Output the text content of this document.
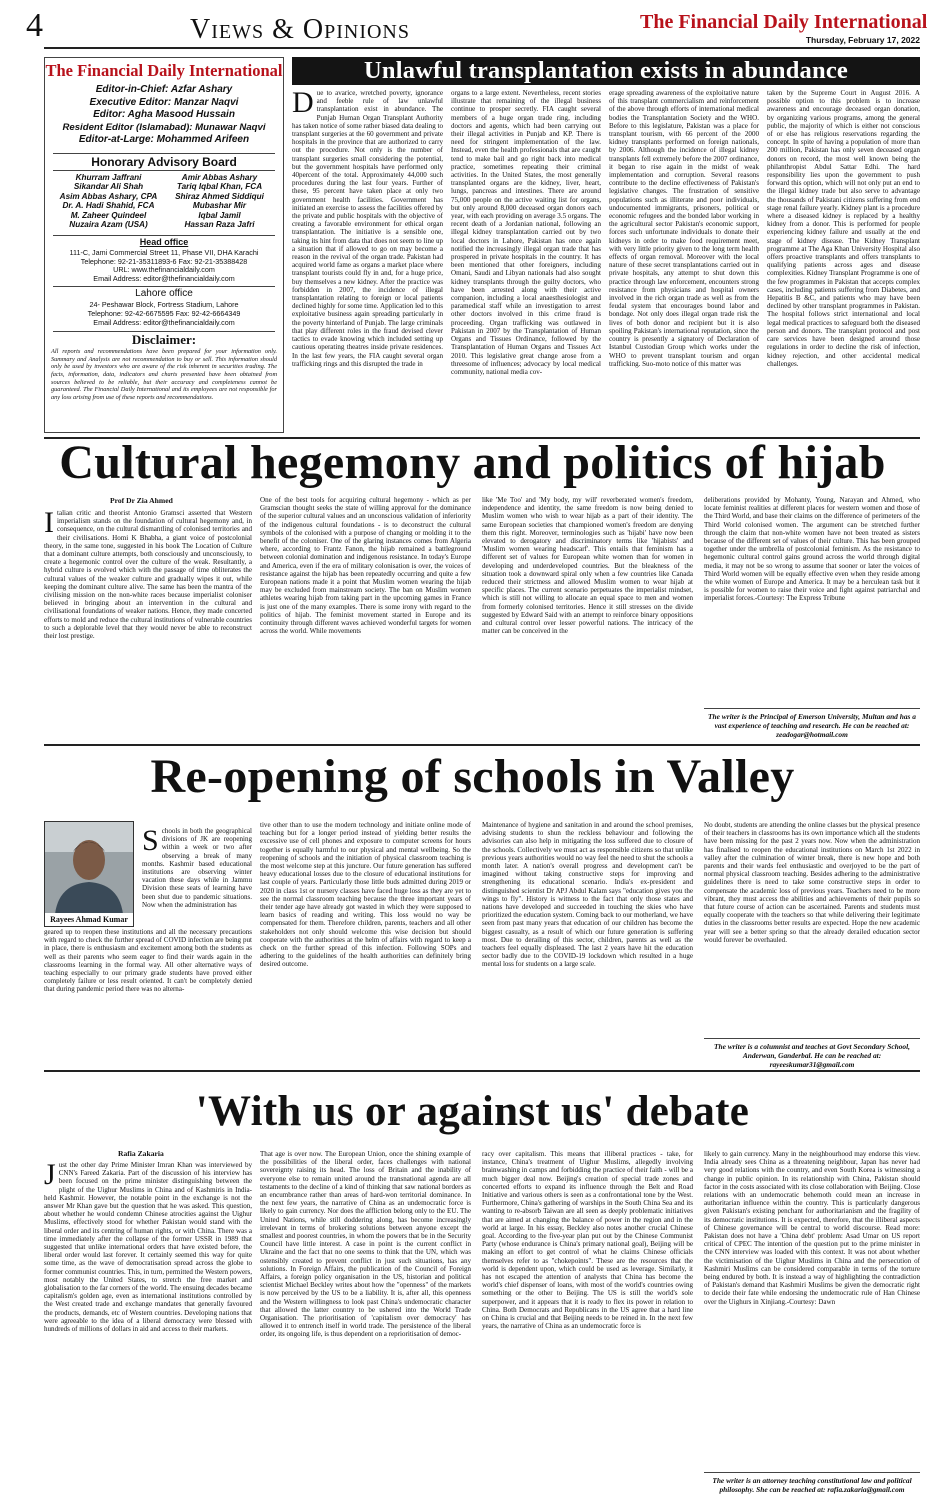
4	Views & Opinions	The Financial Daily International
Thursday, February 17, 2022
The Financial Daily International
Editor-in-Chief: Azfar Ashary
Executive Editor: Manzar Naqvi
Editor: Agha Masood Hussain
Resident Editor (Islamabad): Munawar Naqvi
Editor-at-Large: Mohammed Arifeen
Honorary Advisory Board
Khurram Jaffrani
Sikandar Ali Shah
Asim Abbas Ashary, CPA
Dr. A. Hadi Shahid, FCA
M. Zaheer Quindeel
Nuzaira Azam (USA)
Amir Abbas Ashary
Tariq Iqbal Khan, FCA
Shiraz Ahmed Siddiqui
Mubashar Mir
Iqbal Jamil
Hassan Raza Jafri
Head office
111-C, Jami Commercial Street 11, Phase VII, DHA Karachi
Telephone: 92-21-35311893-6 Fax: 92-21-35388428
URL: www.thefinancialdaily.com
Email Address: editor@thefinancialdaily.com
Lahore office
24- Peshawar Block, Fortress Stadium, Lahore
Telephone: 92-42-6675595 Fax: 92-42-6664349
Email Address: editor@thefinancialdaily.com
Disclaimer:
All reports and recommendations have been prepared for your information only. Summary and Analysis are not recommendation to buy or sell. This information should only be used by investors who are aware of the risk inherent in securities trading. The facts, information, data, indicators and charts presented have been obtained from sources believed to be reliable, but their accuracy and completeness cannot be guaranteed. The Financial Daily International and its employees are not responsible for any loss arising from use of these reports and recommendations.
Unlawful transplantation exists in abundance
Due to avarice, wretched poverty, ignorance and feeble rule of law unlawful transplantation exist in abundance. The Punjab Human Organ Transplant Authority has taken notice of some rather biased data dealing to transplant surgeries at the 60 government and private hospitals in the province that are authorized to carry out the procedure. Not only is the number of transplant surgeries small considering the potential, but the government hospitals have performed only 40percent of the total. Approximately 44,000 such procedures during the last four years. Further of these, 95 percent have taken place at only two government health facilities. Government has initiated an exercise to assess the facilities offered by the private and public hospitals with the objective of creating a favorable environment for ethical organ transplantation. The initiative is a sensible one, taking its hint from data that does not seem to line up a situation that if allowed to go on may become a reason in the revival of the organ trade. Pakistan had acquired world fame as organs a market place where transplant tourists could fly in and, for a huge price, buy themselves a new kidney. After the practice was forbidden in 2007, the incidence of illegal transplantation relating to foreign or local patients declined highly for some time. Application led to this exploitative business again spreading particularly in the poverty hinterland of Punjab. The large criminals that play different roles in the fraud devised clever tactics to evade knowing which included setting up cautious operating theatres inside private residences. In the last few years, the FIA caught several organ trafficking rings and this disrupted the trade in
organs to a large extent. Nevertheless, recent stories illustrate that remaining of the illegal business continue to prosper secretly. FIA caught several members of a huge organ trade ring, including doctors and agents, which had been carrying out their illegal activities in Punjab and KP. There is need for stringent implementation of the law. Instead, even the health professionals that are caught tend to make bail and go right back into medical practice, sometimes repeating their criminal activities. In the United States, the most generally transplanted organs are the kidney, liver, heart, lungs, pancreas and intestines. There are around 75,000 people on the active waiting list for organs, but only around 8,000 deceased organ donors each year, with each providing on average 3.5 organs. The recent death of a Jordanian national, following an illegal kidney transplantation carried out by two local doctors in Lahore, Pakistan has once again notified the increasingly illegal organ trade that has prospered in private hospitals in the country. It has been mentioned that other foreigners, including Omani, Saudi and Libyan nationals had also sought kidney transplants through the guilty doctors, who have been arrested along with their active companion, including a local anaesthesiologist and paramedical staff while an investigation to arrest other doctors involved in this crime fraud is proceeding. Organ trafficking was outlawed in Pakistan in 2007 by the Transplantation of Human Organs and Tissues Ordinance, followed by the Transplantation of Human Organs and Tissues Act 2010. This legislative great change arose from a threesome of influences; advocacy by local medical community, national media cov-
erage spreading awareness of the exploitative nature of this transplant commercialism and reinforcement of the above through efforts of international medical bodies the Transplantation Society and the WHO. Before to this legislature, Pakistan was a place for transplant tourism, with 66 percent of the 2000 kidney transplants performed on foreign nationals, by 2006. Although the incidence of illegal kidney transplants fell extremely before the 2007 ordinance, it began to rise again in the midst of weak implementation and corruption. Several reasons contribute to the decline effectiveness of Pakistan's legislative changes. The frustration of sensitive populations such as illiterate and poor individuals, undocumented immigrants, prisoners, political or economic refugees and the bonded labor working in the agricultural sector Pakistan's economic support, forces such unfortunate individuals to donate their kidneys in order to make food requirement meet, with very little priority given to the long term health effects of organ removal. Moreover with the local nature of these secret transplantations carried out in private hospitals, any attempt to shut down this practice through law enforcement, encounters strong resistance from physicians and hospital owners involved in the rich organ trade as well as from the feudal system that encourages bound labor and bondage. Not only does illegal organ trade risk the lives of both donor and recipient but it is also spoiling Pakistan's international reputation, since the country is presently a signatory of Declaration of Istanbul Custodian Group which works under the WHO to prevent transplant tourism and organ trafficking. Suo-moto notice of this matter was
taken by the Supreme Court in August 2016. A possible option to this problem is to increase awareness and encourage deceased organ donation, by organizing various programs, among the general public, the majority of which is either not conscious of or else has religious reservations regarding the concept. In spite of having a population of more than 200 million, Pakistan has only seven deceased organ donors on record, the most well known being the philanthropist Abdul Sattar Edhi. The hard responsibility lies upon the government to push forward this option, which will not only put an end to the illegal kidney trade but also serve to advantage the thousands of Pakistani citizens suffering from end stage renal failure yearly. Kidney plant is a procedure where a diseased kidney is replaced by a healthy kidney from a donor. This is performed for people experiencing kidney failure and usually at the end stage of kidney disease. The Kidney Transplant programme at The Aga Khan University Hospital also offers proactive transplants and offers transplants to qualifying patients across ages and disease complexities. Kidney Transplant Programme is one of the few programmes in Pakistan that accepts complex cases, including patients suffering from Diabetes, and Hepatitis B &C, and patients who may have been declined by other transplant programmes in Pakistan. The hospital follows strict international and local legal medical practices to safeguard both the diseased person and donors. The transplant protocol and post care services have been designed around those regulations in order to decline the risk of infection, kidney rejection, and other accidental medical challenges.
Cultural hegemony and politics of hijab
Prof Dr Zia Ahmed
Italian critic and theorist Antonio Gramsci asserted that Western imperialism stands on the foundation of cultural hegemony and, in consequence, on the cultural dismantling of colonised territories and their civilisations. Homi K Bhabha, a giant voice of postcolonial theory, in the same tone, suggested in his book The Location of Culture that a dominant culture attempts, both consciously and unconsciously, to create a hegemonic control over the culture of the weak. Resultantly, a hybrid culture is evolved which with the passage of time obliterates the cultural values of the weaker culture and gradually wipes it out, while keeping the dominant culture alive. The same has been the mantra of the civilising mission on the non-white races because imperialist coloniser believed in bringing about an intervention in the cultural and civilisational foundations of weaker nations. Hence, they made concerted efforts to mold and reduce the cultural institutions of vulnerable countries to such a deplorable level that they would never be able to reconstruct their lost prestige.
One of the best tools for acquiring cultural hegemony - which as per Gramscian thought seeks the state of willing approval for the dominance of the superior cultural values and an unconscious validation of inferiority of the indigenous cultural foundations - is to deconstruct the cultural symbols of the colonised with a purpose of changing or molding it to the benefit of the coloniser. One of the glaring instances comes from Algeria where, according to Frantz Fanon, the hijab remained a battleground between colonial domination and indigenous resistance. In today's Europe and America, even if the era of military colonisation is over, the voices of resistance against the hijab has been repeatedly occurring and quite a few European nations made it a point that Muslim women wearing the hijab may be excluded from mainstream society. The ban on Muslim women athletes wearing hijab from taking part in the upcoming games in France is just one of the many examples. There is some irony with regard to the politics of hijab. The feminist movement started in Europe and its continuity through different waves achieved wonderful targets for women across the world. While movements
like 'Me Too' and 'My body, my will' reverberated women's freedom, independence and identity, the same freedom is now being denied to Muslim women who wish to wear hijab as a part of their identity. The same European societies that championed women's freedom are denying them this right. Moreover, terminologies such as 'hijabi' have now been elevated to derogatory and discriminatory terms like 'hijabists' and 'Muslim women wearing headscarf'. This entails that feminism has a different set of values for European white women than for women in developing and underdeveloped countries. But the bleakness of the situation took a downward spiral only when a few countries like Canada reduced their strictness and allowed Muslim women to wear hijab at specific places. The current scenario perpetuates the imperialist mindset, which is still not willing to allocate an equal space to men and women from formerly colonised territories. Hence it still stresses on the divide suggested by Edward Said with an attempt to reinforce binary oppositions and cultural control over lesser powerful nations. The intricacy of the matter can be conceived in the
deliberations provided by Mohanty, Young, Narayan and Ahmed, who locate feminist realities at different places for western women and those of the Third World, and base their claims on the difference of perimeters of the Third World colonised women. The argument can be stretched further through the claim that non-white women have not been treated as sisters because of the different set of values of their culture. This has been grouped together under the umbrella of postcolonial feminism. As the resistance to hegemonic cultural control gains ground across the world through digital media, it may not be so wrong to assume that sooner or later the voices of Third World women will be equally effective even when they reside among the white women of Europe and America. It may be a herculean task but it is possible for women to raise their voice and fight against patriarchal and imperialist forces.-Courtesy: The Express Tribune
The writer is the Principal of Emerson University, Multan and has a vast experience of teaching and research. He can be reached at: zeadogar@hotmail.com
Re-opening of schools in Valley
Rayees Ahmad Kumar
Schools in both the geographical divisions of JK are reopening within a week or two after observing a break of many months. Kashmir based educational institutions are observing winter vacation these days while in Jammu Division these seats of learning have been shut due to pandemic situations. Now when the administration has
geared up to reopen these institutions and all the necessary precautions with regard to check the further spread of COVID infection are being put in place, there is enthusiasm and excitement among both the students as well as their parents who seem eager to find their wards again in the classrooms learning in the formal way. All other alternative ways of teaching especially to our primary grade students have proved either completely failure or less result oriented. It can't be completely denied that during pandemic period there was no alterna-
tive other than to use the modern technology and initiate online mode of teaching but for a longer period instead of yielding better results the excessive use of cell phones and exposure to computer screens for hours together is equally harmful to our physical and mental wellbeing. So the reopening of schools and the initiation of physical classroom teaching is the most welcome step at this juncture. Our future generation has suffered heavy educational losses due to the closure of educational institutions for last couple of years. Particularly those little buds admitted during 2019 or 2020 in class 1st or nursery classes have faced huge loss as they are yet to see the normal classroom teaching because the three important years of their tender age have already got wasted in which they were supposed to learn basics of reading and writing. This loss would no way be compensated for them. Therefore children, parents, teachers and all other stakeholders not only should welcome this wise decision but should cooperate with the authorities at the helm of affairs with regard to keep a check on the further spread of this infection. Following SOPs and adhering to the guidelines of the health authorities can definitely bring desired outcome.
Maintenance of hygiene and sanitation in and around the school premises, advising students to shun the reckless behaviour and following the advisories can also help in mitigating the loss suffered due to closure of the schools. Collectively we must act as responsible citizens so that unlike previous years authorities would no way feel the need to shut the schools a month later. A nation's overall progress and development can't be imagined without taking constructive steps for improving and strengthening its educational scenario. India's ex-president and distinguished scientist Dr APJ Abdul Kalam says "education gives you the wings to fly". History is witness to the fact that only those states and nations have developed and succeeded in touching the skies who have prioritized the education system. Coming back to our motherland, we have seen from past many years that education of our children has become the biggest casualty, as a result of which our future generation is suffering most. Due to derailing of this sector, children, parents as well as the teachers feel equally displeased. The last 2 years have hit the education sector badly due to the COVID-19 lockdown which resulted in a huge mental loss for students on a large scale.
No doubt, students are attending the online classes but the physical presence of their teachers in classrooms has its own importance which all the students have been missing for the past 2 years now. Now when the administration has finalised to reopen the educational institutions on March 1st 2022 in valley after the culmination of winter break, there is new hope and both parents and their wards feel enthusiastic and overjoyed to be the part of normal physical classroom teaching. Besides adhering to the administrative guidelines there is need to take some constructive steps in order to compensate the academic loss of previous years. Teachers need to be more vibrant, they must access the abilities and achievements of their pupils so that future course of action can be ascertained. Parents and students must equally cooperate with the teachers so that while delivering their legitimate duties in the classrooms better results are expected. Hope the new academic year will see a better spring so that the already derailed education sector would forever be overhauled.
The writer is a columnist and teaches at Govt Secondary School, Anderwan, Ganderbal. He can be reached at: rayeeskumar31@gmail.com
'With us or against us' debate
Rafia Zakaria
Just the other day Prime Minister Imran Khan was interviewed by CNN's Fareed Zakaria. Part of the discussion of his interview has been focused on the prime minister distinguishing between the plight of the Uighur Muslims in China and of Kashmiris in India-held Kashmir. However, the notable point in the exchange is not the answer Mr Khan gave but the question that he was asked. This question, about whether he would condemn Chinese atrocities against the Uighur Muslims, effectively stood for whether Pakistan would stand with the liberal order and its centring of human rights, or with China. There was a time immediately after the collapse of the former USSR in 1989 that suggested that unlike international orders that have existed before, the liberal order would last forever. It certainly seemed this way for quite some time, as the wave of democratisation spread across the globe to former communist countries. This, in turn, permitted the Western powers, most notably the United States, to stretch the free market and globalisation to the far corners of the world. The ensuing decades became capitalism's golden age, even as international institutions controlled by the West created trade and exchange mandates that generally favoured the products, demands, etc of Western countries. Developing nations that were agreeable to the idea of a liberal democracy were blessed with hundreds of millions of dollars in aid and access to their markets.
That age is over now. The European Union, once the shining example of the possibilities of the liberal order, faces challenges with national sovereignty raising its head. The loss of Britain and the inability of everyone else to remain united around the transnational agenda are all testaments to the decline of a kind of thinking that saw national borders as an encumbrance rather than areas of hard-won territorial dominance. In the next few years, the narrative of China as an undemocratic force is likely to gain currency. Nor does the affliction belong only to the EU. The United Nations, while still doddering along, has become increasingly irrelevant in terms of brokering solutions between anyone except the smallest and poorest countries, in whom the powers that be in the Security Council have little interest. A case in point is the current conflict in Ukraine and the fact that no one seems to think that the UN, which was ostensibly created to prevent conflict in just such situations, has any solutions. In Foreign Affairs, the publication of the Council of Foreign Affairs, a foreign policy organisation in the US, historian and political scientist Michael Beckley writes about how the "openness" of the markets is now perceived by the US to be a liability. It is, after all, this openness and the Western willingness to look past China's undemocratic character that allowed the latter country to be ushered into the World Trade Organisation. The prioritisation of 'capitalism over democracy' has allowed it to entrench itself in world trade. The persistence of the liberal order, its ongoing life, is thus dependent on a reprioritisation of democ-
racy over capitalism. This means that illiberal practices - take, for instance, China's treatment of Uighur Muslims, allegedly involving brainwashing in camps and forbidding the practice of their faith - will be a much bigger deal now. Beijing's creation of special trade zones and concerted efforts to expand its influence through the Belt and Road Initiative and various others is seen as a confrontational tone by the West. Furthermore, China's gathering of warships in the South China Sea and its wanting to re-absorb Taiwan are all seen as deeply problematic initiatives that are aimed at changing the balance of power in the region and in the world at large. In his essay, Beckley also notes another crucial Chinese goal. According to the five-year plan put out by the Chinese Communist Party (whose endurance is China's primary national goal), Beijing will be making an effort to get control of what he claims Chinese officials themselves refer to as "chokepoints". These are the resources that the world is dependent upon, which could be used as leverage. Similarly, it has not escaped the attention of analysts that China has become the world's chief dispenser of loans, with most of the world's countries owing something or the other to Beijing. The US is still the world's sole superpower, and it appears that it is ready to flex its power in relation to China. Both Democrats and Republicans in the US agree that a hard line on China is crucial and that Beijing needs to be reined in. In the next few years, the narrative of China as an undemocratic force is
likely to gain currency. Many in the neighbourhood may endorse this view. India already sees China as a threatening neighbour, Japan has never had very good relations with the country, and even South Korea is witnessing a change in public opinion. In its relationship with China, Pakistan should factor in the costs associated with its close collaboration with Beijing. Close relations with an undemocratic behemoth could mean an increase in authoritarian influence within the country. This is particularly dangerous given Pakistan's existing penchant for authoritarianism and the fragility of its democratic institutions. It is expected, therefore, that the illiberal aspects of Chinese governance will be central to world discourse. Read more: Pakistan does not have a 'China debt' problem: Asad Umar on US report critical of CPEC The intention of the question put to the prime minister in the CNN interview was loaded with this context. It was not about whether the victimisation of the Uighur Muslims in China and the persecution of Kashmiri Muslims can be considered comparable in terms of the torture being endured by both. It is instead a way of highlighting the contradiction of Pakistan's demand that Kashmiri Muslims be given the democratic right to decide their fate while endorsing the undemocratic rule of Han Chinese over the Uighurs in Xinjiang.-Courtesy: Dawn
The writer is an attorney teaching constitutional law and political philosophy. She can be reached at: rafia.zakaria@gmail.com
